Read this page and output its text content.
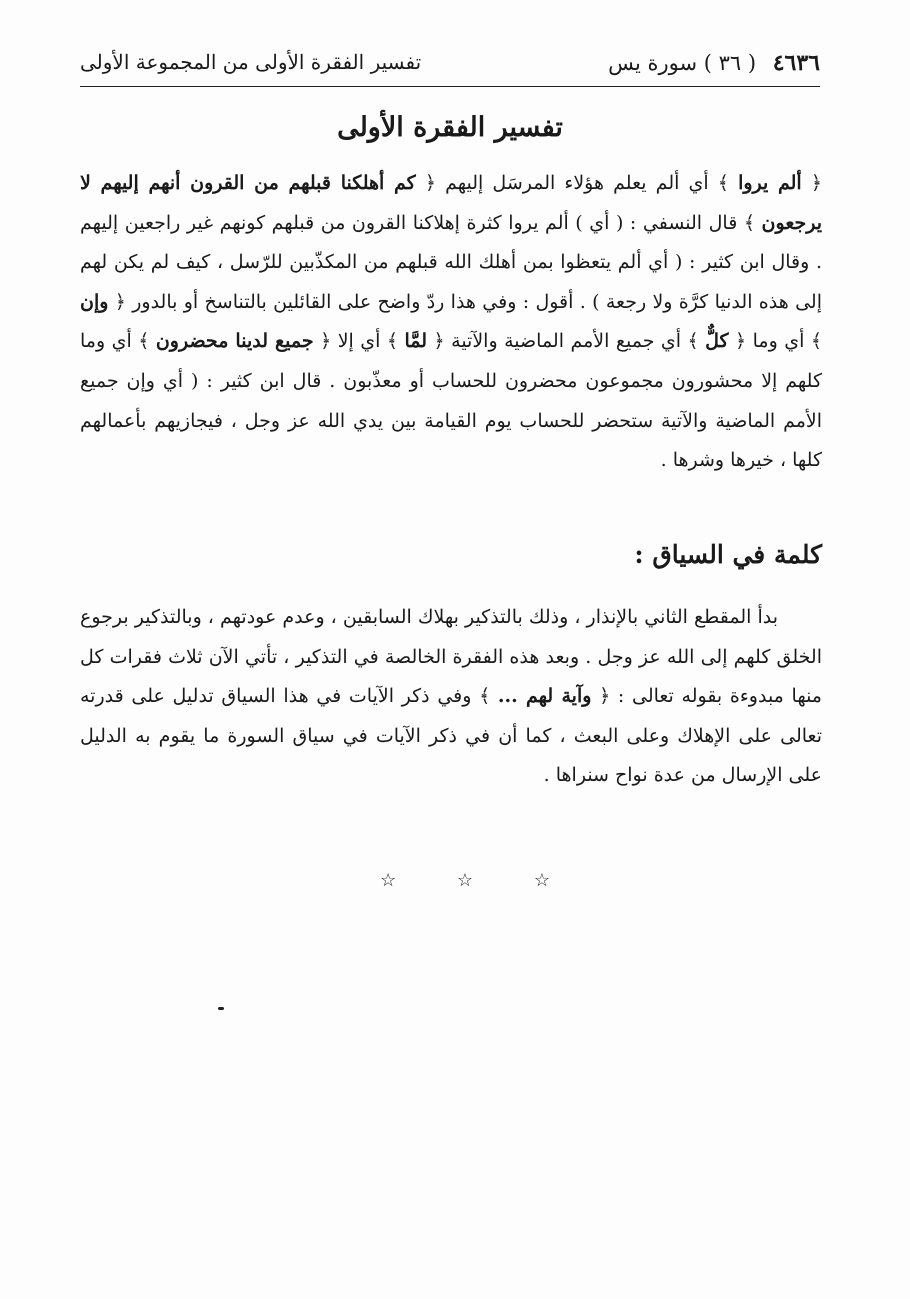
٤٦٣٦ ( ٣٦ ) سورة يس
تفسير الفقرة الأولى من المجموعة الأولى
تفسير الفقرة الأولى

﴿ ألم يروا ﴾ أي ألم يعلم هؤلاء المرسَل إليهم ﴿ كم أهلكنا قبلهم من القرون أنهم إليهم لا يرجعون ﴾ قال النسفي : ( أي ) ألم يروا كثرة إهلاكنا القرون من قبلهم كونهم غير راجعين إليهم . وقال ابن كثير : ( أي ألم يتعظوا بمن أهلك الله قبلهم من المكذّبين للرّسل ، كيف لم يكن لهم إلى هذه الدنيا كرَّة ولا رجعة ) . أقول : وفي هذا ردّ واضح على القائلين بالتناسخ أو بالدور ﴿ وإن ﴾ أي وما ﴿ كلٌّ ﴾ أي جميع الأمم الماضية والآتية ﴿ لمَّا ﴾ أي إلا ﴿ جميع لدينا محضرون ﴾ أي وما كلهم إلا محشورون مجموعون محضرون للحساب أو معذّبون . قال ابن كثير : ( أي وإن جميع الأمم الماضية والآتية ستحضر للحساب يوم القيامة بين يدي الله عز وجل ، فيجازيهم بأعمالهم كلها ، خيرها وشرها .

كلمة في السياق :

بدأ المقطع الثاني بالإنذار ، وذلك بالتذكير بهلاك السابقين ، وعدم عودتهم ، وبالتذكير برجوع الخلق كلهم إلى الله عز وجل . وبعد هذه الفقرة الخالصة في التذكير ، تأتي الآن ثلاث فقرات كل منها مبدوءة بقوله تعالى : ﴿ وآية لهم ... ﴾ وفي ذكر الآيات في هذا السياق تدليل على قدرته تعالى على الإهلاك وعلى البعث ، كما أن في ذكر الآيات في سياق السورة ما يقوم به الدليل على الإرسال من عدة نواح سنراها .

☆	☆	☆
